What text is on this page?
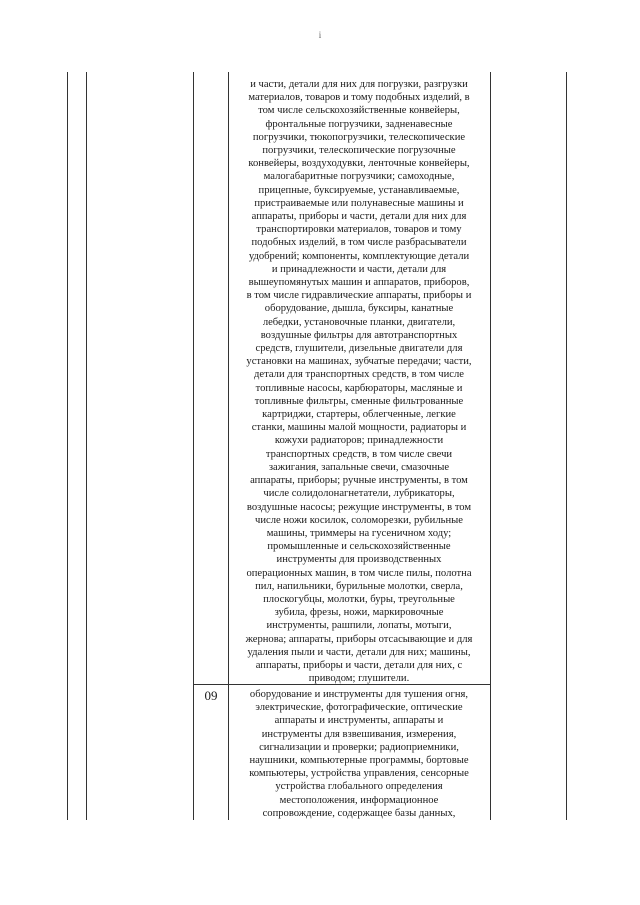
i
и части, детали для них для погрузки, разгрузки
материалов, товаров и тому подобных изделий, в
том числе сельскохозяйственные конвейеры,
фронтальные погрузчики, задненавесные
погрузчики, тюкопогрузчики, телескопические
погрузчики, телескопические погрузочные
конвейеры, воздуходувки, ленточные конвейеры,
малогабаритные погрузчики; самоходные,
прицепные, буксируемые, устанавливаемые,
пристраиваемые или полунавесные машины и
аппараты, приборы и части, детали для них для
транспортировки материалов, товаров и тому
подобных изделий, в том числе разбрасыватели
удобрений; компоненты, комплектующие детали
и принадлежности и части, детали для
вышеупомянутых машин и аппаратов, приборов,
в том числе гидравлические аппараты, приборы и
оборудование, дышла, буксиры, канатные
лебедки, установочные планки, двигатели,
воздушные фильтры для автотранспортных
средств, глушители, дизельные двигатели для
установки на машинах, зубчатые передачи; части,
детали для транспортных средств, в том числе
топливные насосы, карбюраторы, масляные и
топливные фильтры, сменные фильтрованные
картриджи, стартеры, облегченные, легкие
станки, машины малой мощности, радиаторы и
кожухи радиаторов; принадлежности
транспортных средств, в том числе свечи
зажигания, запальные свечи, смазочные
аппараты, приборы; ручные инструменты, в том
числе солидолонагнетатели, лубрикаторы,
воздушные насосы; режущие инструменты, в том
числе ножи косилок, соломорезки, рубильные
машины, триммеры на гусеничном ходу;
промышленные и сельскохозяйственные
инструменты для производственных
операционных машин, в том числе пилы, полотна
пил, напильники, бурильные молотки, сверла,
плоскогубцы, молотки, буры, треугольные
зубила, фрезы, ножи, маркировочные
инструменты, рашпили, лопаты, мотыги,
жернова; аппараты, приборы отсасывающие и для
удаления пыли и части, детали для них; машины,
аппараты, приборы и части, детали для них, с
приводом; глушители.
09	оборудование и инструменты для тушения огня,
электрические, фотографические, оптические
аппараты и инструменты, аппараты и
инструменты для взвешивания, измерения,
сигнализации и проверки; радиоприемники,
наушники, компьютерные программы, бортовые
компьютеры, устройства управления, сенсорные
устройства глобального определения
местоположения, информационное
сопровождение, содержащее базы данных,
